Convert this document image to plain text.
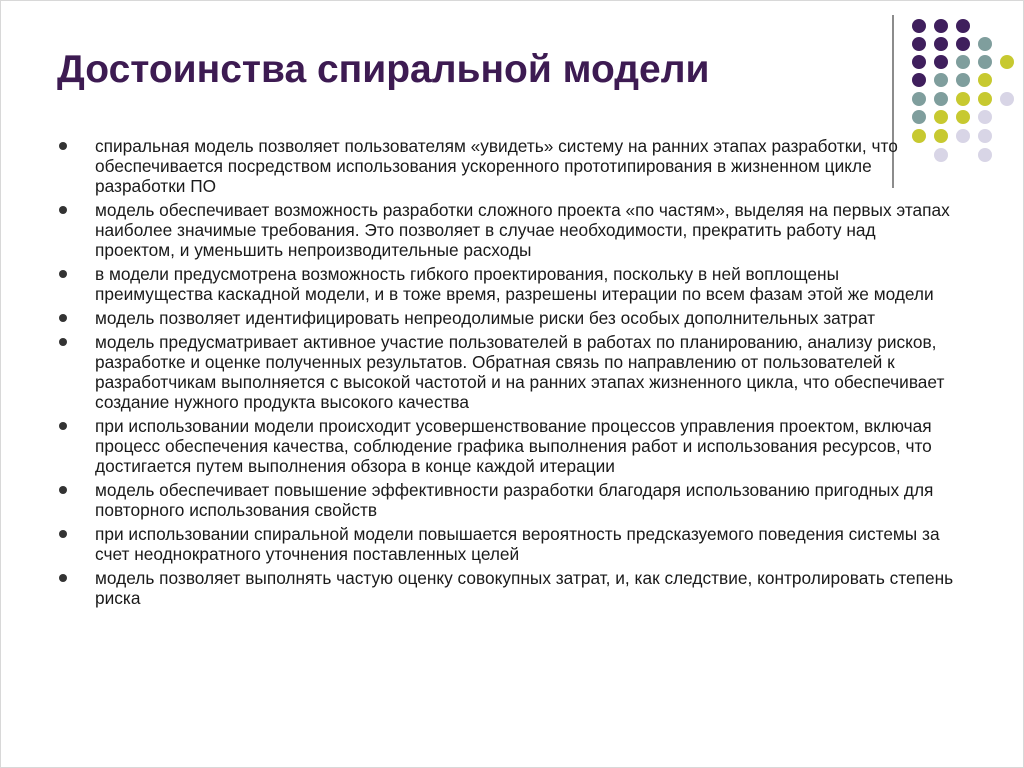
Достоинства спиральной модели
спиральная модель позволяет пользователям «увидеть» систему на ранних этапах разработки, что обеспечивается посредством использования ускоренного прототипирования в жизненном цикле разработки ПО
модель обеспечивает возможность разработки сложного проекта «по частям», выделяя на первых этапах наиболее значимые требования. Это позволяет в случае необходимости, прекратить работу над проектом, и уменьшить непроизводительные расходы
в модели предусмотрена возможность гибкого проектирования, поскольку в ней воплощены преимущества каскадной модели, и в тоже время, разрешены итерации по всем фазам этой же модели
модель позволяет идентифицировать непреодолимые риски без особых дополнительных затрат
модель предусматривает активное участие пользователей в работах по планированию, анализу рисков, разработке и оценке полученных результатов. Обратная связь по направлению от пользователей к разработчикам выполняется с высокой частотой и на ранних этапах жизненного цикла, что обеспечивает создание нужного продукта высокого качества
при использовании модели происходит усовершенствование процессов управления проектом, включая процесс обеспечения качества, соблюдение графика выполнения работ и использования ресурсов, что достигается путем выполнения обзора в конце каждой итерации
модель обеспечивает повышение эффективности разработки благодаря использованию пригодных для повторного использования свойств
при использовании спиральной модели повышается вероятность предсказуемого поведения системы за счет неоднократного уточнения поставленных целей
модель позволяет выполнять частую оценку совокупных затрат, и, как следствие, контролировать степень риска
